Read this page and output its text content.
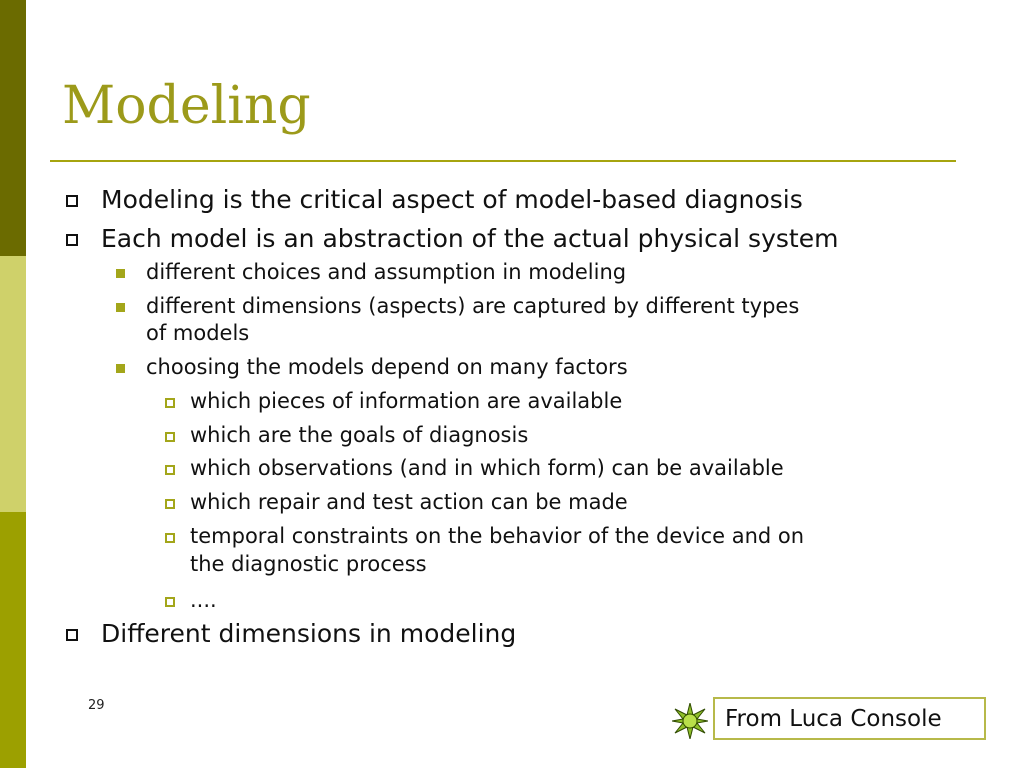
Modeling
Modeling is the critical aspect of model-based diagnosis
Each model is an abstraction of the actual physical system
different choices and assumption in modeling
different dimensions (aspects) are captured by different types
of models
choosing the models depend on many factors
which pieces of information are available
which are the goals of diagnosis
which observations (and in which form) can be available
which repair and test action can be made
temporal constraints on the behavior of the device and on
the diagnostic process
....
Different dimensions in modeling
29
From Luca Console
